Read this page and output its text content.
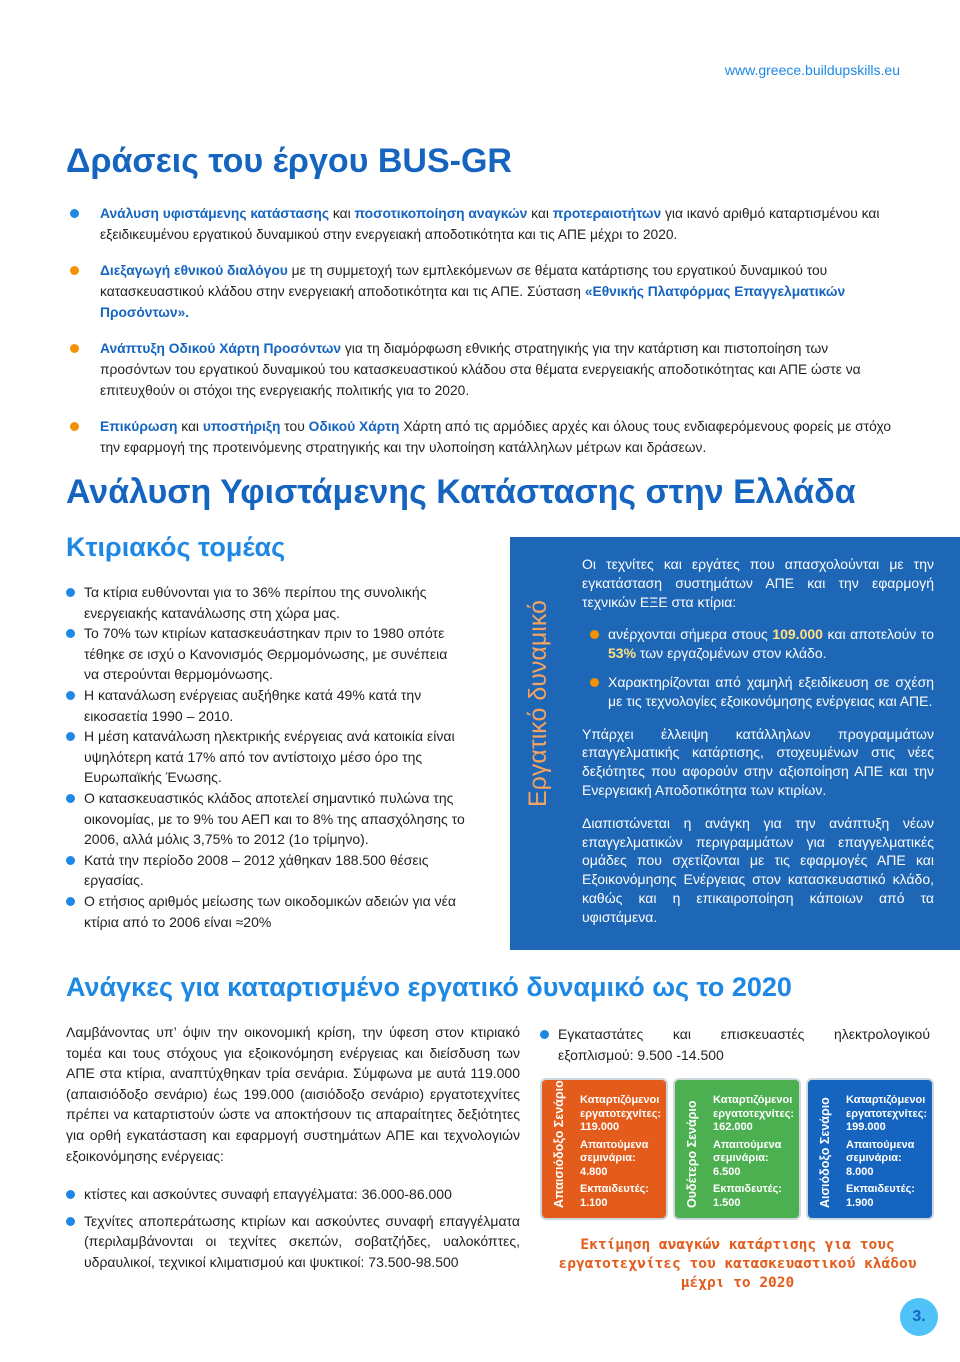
www.greece.buildupskills.eu
Δράσεις του έργου BUS-GR
Ανάλυση υφιστάμενης κατάστασης και ποσοτικοποίηση αναγκών και προτεραιοτήτων για ικανό αριθμό καταρτισμένου και εξειδικευμένου εργατικού δυναμικού στην ενεργειακή αποδοτικότητα και τις ΑΠΕ μέχρι το 2020.
Διεξαγωγή εθνικού διαλόγου με τη συμμετοχή των εμπλεκόμενων σε θέματα κατάρτισης του εργατικού δυναμικού του κατασκευαστικού κλάδου στην ενεργειακή αποδοτικότητα και τις ΑΠΕ. Σύσταση «Εθνικής Πλατφόρμας Επαγγελματικών Προσόντων».
Ανάπτυξη Οδικού Χάρτη Προσόντων για τη διαμόρφωση εθνικής στρατηγικής για την κατάρτιση και πιστοποίηση των προσόντων του εργατικού δυναμικού του κατασκευαστικού κλάδου στα θέματα ενεργειακής αποδοτικότητας και ΑΠΕ ώστε να επιτευχθούν οι στόχοι της ενεργειακής πολιτικής για το 2020.
Επικύρωση και υποστήριξη του Οδικού Χάρτη Χάρτη από τις αρμόδιες αρχές και όλους τους ενδιαφερόμενους φορείς με στόχο την εφαρμογή της προτεινόμενης στρατηγικής και την υλοποίηση κατάλληλων μέτρων και δράσεων.
Ανάλυση Υφιστάμενης Κατάστασης στην Ελλάδα
Κτιριακός τομέας
Τα κτίρια ευθύνονται για το 36% περίπου της συνολικής ενεργειακής κατανάλωσης στη χώρα μας.
Το 70% των κτιρίων κατασκευάστηκαν πριν το 1980 οπότε τέθηκε σε ισχύ ο Κανονισμός Θερμομόνωσης, με συνέπεια να στερούνται θερμομόνωσης.
Η κατανάλωση ενέργειας αυξήθηκε κατά 49% κατά την εικοσαετία 1990 – 2010.
Η μέση κατανάλωση ηλεκτρικής ενέργειας ανά κατοικία είναι υψηλότερη κατά 17% από τον αντίστοιχο μέσο όρο της Ευρωπαϊκής Ένωσης.
Ο κατασκευαστικός κλάδος αποτελεί σημαντικό πυλώνα της οικονομίας, με το 9% του ΑΕΠ και το 8% της απασχόλησης το 2006, αλλά μόλις 3,75% το 2012 (1ο τρίμηνο).
Κατά την περίοδο 2008 – 2012 χάθηκαν 188.500 θέσεις εργασίας.
Ο ετήσιος αριθμός μείωσης των οικοδομικών αδειών για νέα κτίρια από το 2006 είναι ≈20%
Εργατικό δυναμικό

Οι τεχνίτες και εργάτες που απασχολούνται με την εγκατάσταση συστημάτων ΑΠΕ και την εφαρμογή τεχνικών ΕΞΕ στα κτίρια:

ανέρχονται σήμερα στους 109.000 και αποτελούν το 53% των εργαζομένων στον κλάδο.
Χαρακτηρίζονται από χαμηλή εξειδίκευση σε σχέση με τις τεχνολογίες εξοικονόμησης ενέργειας και ΑΠΕ.

Υπάρχει έλλειψη κατάλληλων προγραμμάτων επαγγελματικής κατάρτισης, στοχευμένων στις νέες δεξιότητες που αφορούν στην αξιοποίηση ΑΠΕ και την Ενεργειακή Αποδοτικότητα των κτιρίων.

Διαπιστώνεται η ανάγκη για την ανάπτυξη νέων επαγγελματικών περιγραμμάτων για επαγγελματικές ομάδες που σχετίζονται με τις εφαρμογές ΑΠΕ και Εξοικονόμησης Ενέργειας στον κατασκευαστικό κλάδο, καθώς και η επικαιροποίηση κάποιων από τα υφιστάμενα.

Ανάγκες για καταρτισμένο εργατικό δυναμικό ως το 2020

Λαμβάνοντας υπ’ όψιν την οικονομική κρίση, την ύφεση στον κτιριακό τομέα και τους στόχους για εξοικονόμηση ενέργειας και διείσδυση των ΑΠΕ στα κτίρια, αναπτύχθηκαν τρία σενάρια. Σύμφωνα με αυτά 119.000 (απαισιόδοξο σενάριο) έως 199.000 (αισιόδοξο σενάριο) εργατοτεχνίτες πρέπει να καταρτιστούν ώστε να αποκτήσουν τις απαραίτητες δεξιότητες για ορθή εγκατάσταση και εφαρμογή συστημάτων ΑΠΕ και τεχνολογιών εξοικονόμησης ενέργειας:

κτίστες και ασκούντες συναφή επαγγέλματα: 36.000-86.000
Τεχνίτες αποπεράτωσης κτιρίων και ασκούντες συναφή επαγγέλματα (περιλαμβάνονται οι τεχνίτες σκεπών, σοβατζήδες, υαλοκόπτες, υδραυλικοί, τεχνικοί κλιματισμού και ψυκτικοί: 73.500-98.500
Εγκαταστάτες και επισκευαστές ηλεκτρολογικού εξοπλισμού: 9.500 -14.500
Απαισιόδοξο Σενάριο Καταρτιζόμενοι εργατοτεχνίτες:
119.000
Απαιτούμενα σεμινάρια:
4.800
Εκπαιδευτές:
1.100	Ουδέτερο Σενάριο
Καταρτιζόμενοι εργατοτεχνίτες:
162.000
Απαιτούμενα σεμινάρια:
6.500
Εκπαιδευτές:
1.500	Αισιόδοξο Σενάριο Καταρτιζόμενοι εργατοτεχνίτες:
199.000
Απαιτούμενα σεμινάρια:
8.000
Εκπαιδευτές:
1.900
Εκτίμηση αναγκών κατάρτισης για τους εργατοτεχνίτες του κατασκευαστικού κλάδου μέχρι το 2020
3.
